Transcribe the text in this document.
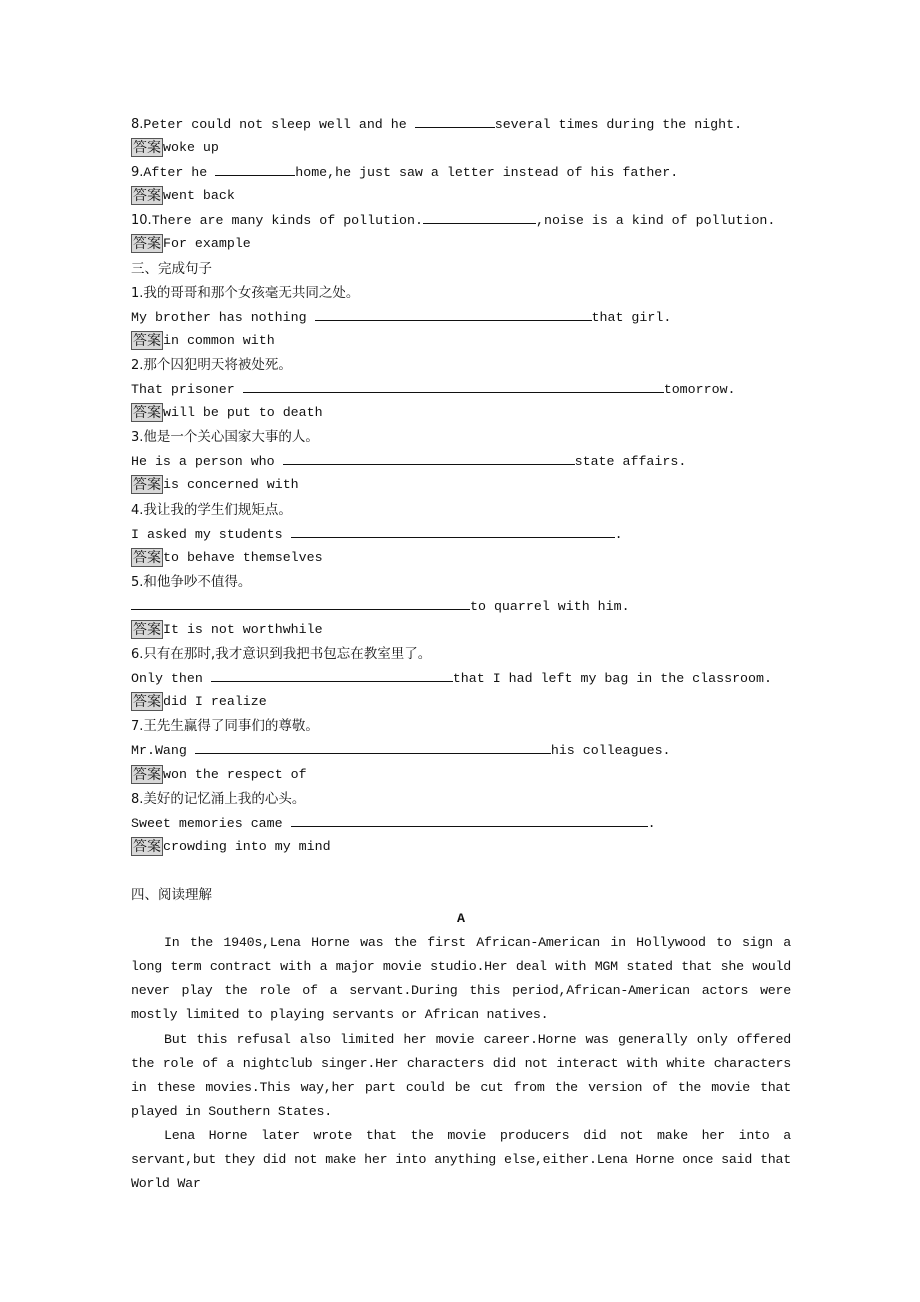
8.Peter could not sleep well and he	several times during the night.
答案 woke up
9.After he	home,he just saw a letter instead of his father.
答案 went back
10.There are many kinds of pollution.	,noise is a kind of pollution.
答案 For example
三、完成句子
1.我的哥哥和那个女孩毫无共同之处。
My brother has nothing	that girl.
答案 in common with
2.那个囚犯明天将被处死。
That prisoner	tomorrow.
答案 will be put to death
3.他是一个关心国家大事的人。
He is a person who	state affairs.
答案 is concerned with
4.我让我的学生们规矩点。
I asked my students	.
答案 to behave themselves
5.和他争吵不值得。
to quarrel with him.
答案 It is not worthwhile
6.只有在那时,我才意识到我把书包忘在教室里了。
Only then	that I had left my bag in the classroom.
答案 did I realize
7.王先生赢得了同事们的尊敬。
Mr.Wang	his colleagues.
答案 won the respect of
8.美好的记忆涌上我的心头。
Sweet memories came	.
答案 crowding into my mind
四、阅读理解
A

In the 1940s,Lena Horne was the first African-American in Hollywood to sign a long term contract with a major movie studio.Her deal with MGM stated that she would never play the role of a servant.During this period,African-American actors were mostly limited to playing servants or African natives.

But this refusal also limited her movie career.Horne was generally only offered the role of a nightclub singer.Her characters did not interact with white characters in these movies.This way,her part could be cut from the version of the movie that played in Southern States.

Lena Horne later wrote that the movie producers did not make her into a servant,but they did not make her into anything else,either.Lena Horne once said that World War
